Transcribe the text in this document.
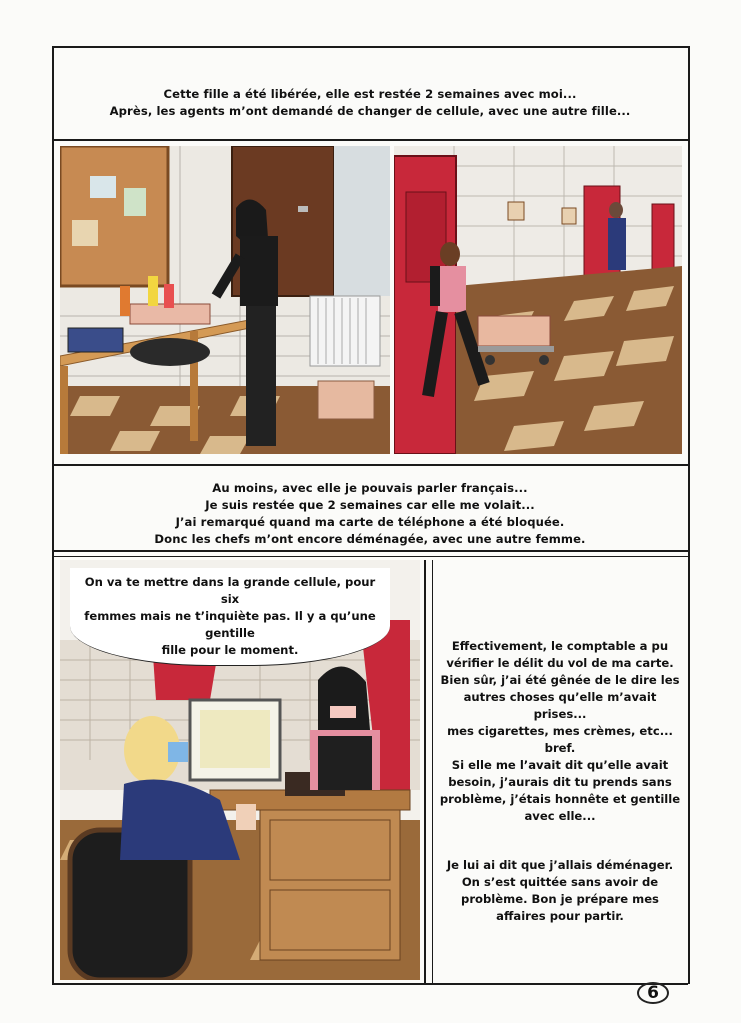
Cette fille a été libérée, elle est restée 2 semaines avec moi...

Après, les agents m’ont demandé de changer de cellule, avec une autre fille...

Au moins, avec elle je pouvais parler français...

Je suis restée que 2 semaines car elle me volait...

J’ai remarqué quand ma carte de téléphone a été bloquée.

Donc les chefs m’ont encore déménagée, avec une autre femme.

On va te mettre dans la grande cellule, pour six

femmes mais ne t’inquiète pas. Il y a qu’une gentille

fille pour le moment.	Effectivement, le comptable a pu

vérifier le délit du vol de ma carte.

Bien sûr, j’ai été gênée de le dire les

autres choses qu’elle m’avait prises...

mes cigarettes, mes crèmes, etc...

bref.

Si elle me l’avait dit qu’elle avait

besoin, j’aurais dit tu prends sans

problème, j’étais honnête et gentille

avec elle...

Je lui ai dit que j’allais déménager.

On s’est quittée sans avoir de

problème. Bon je prépare mes

affaires pour partir.

6
